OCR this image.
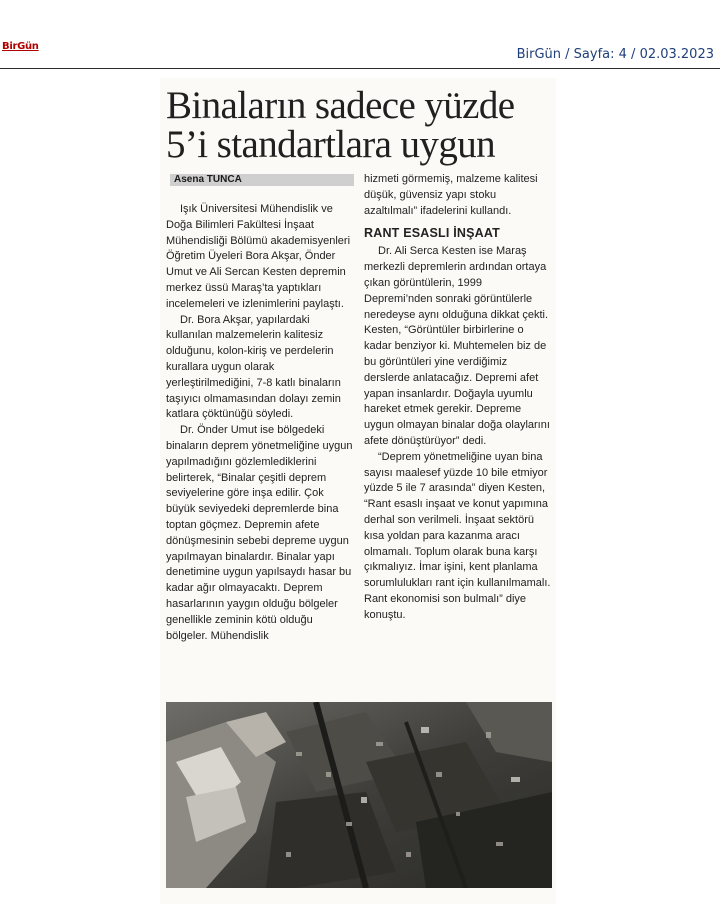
BirGün
BirGün / Sayfa: 4 / 02.03.2023
Binaların sadece yüzde
5’i standartlara uygun
Asena TUNCA

Işık Üniversitesi Mühendislik ve Doğa Bilimleri Fakültesi İnşaat Mühendisliği Bölümü akademisyenleri Öğretim Üyeleri Bora Akşar, Önder Umut ve Ali Sercan Kesten depremin merkez üssü Maraş’ta yaptıkları incelemeleri ve izlenimlerini paylaştı.

Dr. Bora Akşar, yapılardaki kullanılan malzemelerin kalitesiz olduğunu, kolon-kiriş ve perdelerin kurallara uygun olarak yerleştirilmediğini, 7-8 katlı binaların taşıyıcı olmamasından dolayı zemin katlara çöktünüğü söyledi.

Dr. Önder Umut ise bölgedeki binaların deprem yönetmeliğine uygun yapılmadığını gözlemlediklerini belirterek, “Binalar çeşitli deprem seviyelerine göre inşa edilir. Çok büyük seviyedeki depremlerde bina toptan göçmez. Depremin afete dönüşmesinin sebebi depreme uygun yapılmayan binalardır. Binalar yapı denetimine uygun yapılsaydı hasar bu kadar ağır olmayacaktı. Deprem hasarlarının yaygın olduğu bölgeler genellikle zeminin kötü olduğu bölgeler. Mühendislik

hizmeti görmemiş, malzeme kalitesi düşük, güvensiz yapı stoku azaltılmalı” ifadelerini kullandı.

RANT ESASLI İNŞAAT

Dr. Ali Serca Kesten ise Maraş merkezli depremlerin ardından ortaya çıkan görüntülerin, 1999 Depremi’nden sonraki görüntülerle neredeyse aynı olduğuna dikkat çekti. Kesten, “Görüntüler birbirlerine o kadar benziyor ki. Muhtemelen biz de bu görüntüleri yine verdiğimiz derslerde anlatacağız. Depremi afet yapan insanlardır. Doğayla uyumlu hareket etmek gerekir. Depreme uygun olmayan binalar doğa olaylarını afete dönüştürüyor” dedi.

“Deprem yönetmeliğine uyan bina sayısı maalesef yüzde 10 bile etmiyor yüzde 5 ile 7 arasında” diyen Kesten, “Rant esaslı inşaat ve konut yapımına derhal son verilmeli. İnşaat sektörü kısa yoldan para kazanma aracı olmamalı. Toplum olarak buna karşı çıkmalıyız. İmar işini, kent planlama sorumlulukları rant için kullanılmamalı. Rant ekonomisi son bulmalı” diye konuştu.
